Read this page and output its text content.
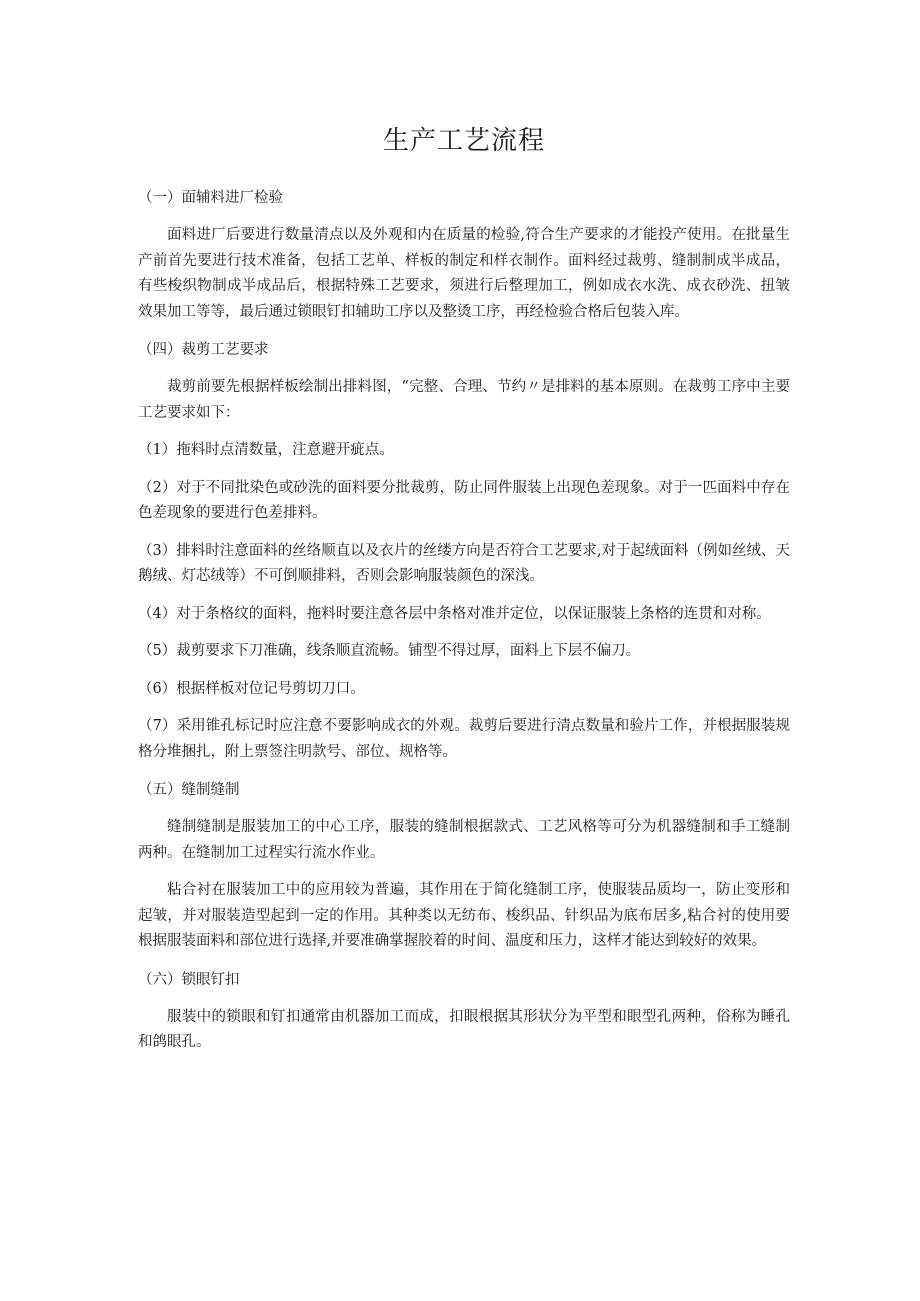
生产工艺流程
（一）面辅料进厂检验

面料进厂后要进行数量清点以及外观和内在质量的检验,符合生产要求的才能投产使用。在批量生产前首先要进行技术准备，包括工艺单、样板的制定和样衣制作。面料经过裁剪、缝制制成半成品，有些梭织物制成半成品后，根据特殊工艺要求，须进行后整理加工，例如成衣水洗、成衣砂洗、扭皱效果加工等等，最后通过锁眼钉扣辅助工序以及整烫工序，再经检验合格后包装入库。

（四）裁剪工艺要求

裁剪前要先根据样板绘制出排料图，“完整、合理、节约〃是排料的基本原则。在裁剪工序中主要工艺要求如下：

（1）拖料时点清数量，注意避开疵点。

（2）对于不同批染色或砂洗的面料要分批裁剪，防止同件服装上出现色差现象。对于一匹面料中存在色差现象的要进行色差排料。

（3）排料时注意面料的丝络顺直以及衣片的丝缕方向是否符合工艺要求,对于起绒面料（例如丝绒、天鹅绒、灯芯绒等）不可倒顺排料，否则会影响服装颜色的深浅。

（4）对于条格纹的面料，拖料时要注意各层中条格对准并定位，以保证服装上条格的连贯和对称。

（5）裁剪要求下刀准确，线条顺直流畅。铺型不得过厚，面料上下层不偏刀。

（6）根据样板对位记号剪切刀口。

（7）采用锥孔标记时应注意不要影响成衣的外观。裁剪后要进行清点数量和验片工作，并根据服装规格分堆捆扎，附上票签注明款号、部位、规格等。

（五）缝制缝制

缝制缝制是服装加工的中心工序，服装的缝制根据款式、工艺风格等可分为机器缝制和手工缝制两种。在缝制加工过程实行流水作业。

粘合衬在服装加工中的应用较为普遍，其作用在于简化缝制工序，使服装品质均一，防止变形和起皱，并对服装造型起到一定的作用。其种类以无纺布、梭织品、针织品为底布居多,粘合衬的使用要根据服装面料和部位进行选择,并要准确掌握胶着的时间、温度和压力，这样才能达到较好的效果。

（六）锁眼钉扣

服装中的锁眼和钉扣通常由机器加工而成，扣眼根据其形状分为平型和眼型孔两种，俗称为睡孔和鸽眼孔。
